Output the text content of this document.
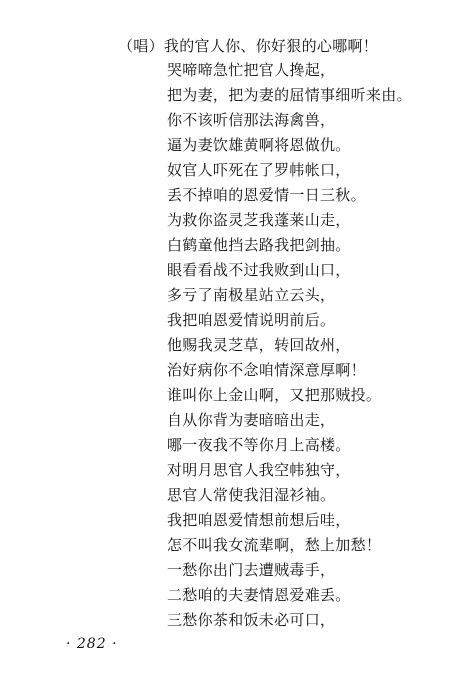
（唱）我的官人你、你好狠的心哪啊！
哭啼啼急忙把官人搀起，
把为妻，把为妻的屈情事细听来由。
你不该听信那法海禽兽，
逼为妻饮雄黄啊将恩做仇。
奴官人吓死在了罗帏帐口，
丢不掉咱的恩爱情一日三秋。
为救你盗灵芝我蓬莱山走，
白鹤童他挡去路我把剑抽。
眼看看战不过我败到山口，
多亏了南极星站立云头，
我把咱恩爱情说明前后。
他赐我灵芝草，转回故州，
治好病你不念咱情深意厚啊！
谁叫你上金山啊，又把那贼投。
自从你背为妻暗暗出走，
哪一夜我不等你月上高楼。
对明月思官人我空帏独守，
思官人常使我泪湿衫袖。
我把咱恩爱情想前想后哇，
怎不叫我女流辈啊，愁上加愁！
一愁你出门去遭贼毒手，
二愁咱的夫妻情恩爱难丢。
三愁你茶和饭未必可口，
· 282 ·
